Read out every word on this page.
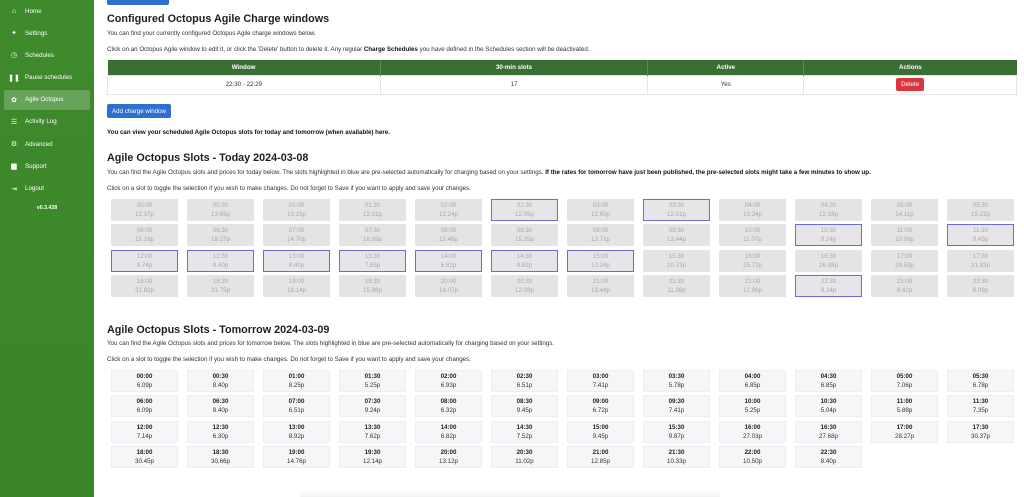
⌂	Home
✦	Settings
◷	Schedules
❚❚ Pause schedules
✿	Agile Octopus
☰	Activity Log
⚙	Advanced
▆	Support
⇥	Logout
v0.3.428
Configured Octopus Agile Charge windows

You can find your currently configured Octopus Agile charge windows below.

Click on an Octopus Agile window to edit it, or click the 'Delete' button to delete it. Any regular Charge Schedules you have defined in the Schedules section will be deactivated.

Window	30-min slots	Active	Actions
22:30 - 22:29	17	Yes	Delete
Add charge window

You can view your scheduled Agile Octopus slots for today and tomorrow (when available) here.

Agile Octopus Slots - Today 2024-03-08

You can find the Agile Octopus slots and prices for today below. The slots highlighted in blue are pre-selected automatically for charging based on your settings. If the rates for tomorrow have just been published, the pre-selected slots might take a few minutes to show up.

Click on a slot to toggle the selection if you wish to make changes. Do not forget to Save if you want to apply and save your changes.

00:00
12.37p
00:30
13.65p
01:00
13.15p
01:30
12.31p
02:00
12.24p
02:30
12.05p
03:00
12.60p
03:30
12.01p
04:00
13.34p
04:30
12.18p
05:00
14.11p
05:30
15.22p
06:00
15.18p
06:30
18.27p
07:00
14.70p
07:30
16.99p
08:00
15.48p
08:30
15.25p
09:00
13.71p
09:30
13.44p
10:00
11.07p
10:30
9.24p
11:00
10.08p
11:30
9.45p
12:00
9.74p
12:30
8.40p
13:00
8.40p
13:30
7.85p
14:00
6.82p
14:30
9.82p
15:00
10.24p
15:30
10.73p
16:00
25.72p
16:30
26.88p
17:00
28.59p
17:30
31.33p
18:00
31.82p
18:30
31.75p
19:00
18.14p
19:30
15.96p
20:00
14.07p
20:30
12.08p
21:00
13.44p
21:30
11.36p
22:00
12.96p
22:30
9.24p
23:00
8.42p
23:30
6.09p
Agile Octopus Slots - Tomorrow 2024-03-09

You can find the Agile Octopus slots and prices for tomorrow below. The slots highlighted in blue are pre-selected automatically for charging based on your settings.

Click on a slot to toggle the selection if you wish to make changes. Do not forget to Save if you want to apply and save your changes.

00:00
6.09p
00:30
8.40p
01:00
8.25p
01:30
5.25p
02:00
6.93p
02:30
6.51p
03:00
7.41p
03:30
5.78p
04:00
6.85p
04:30
6.85p
05:00
7.06p
05:30
6.78p
06:00
6.09p
06:30
8.40p
07:00
6.51p
07:30
9.24p
08:00
6.32p
08:30
9.45p
09:00
6.72p
09:30
7.41p
10:00
5.25p
10:30
5.04p
11:00
5.88p
11:30
7.35p
12:00
7.14p
12:30
6.30p
13:00
8.92p
13:30
7.62p
14:00
6.82p
14:30
7.52p
15:00
9.45p
15:30
9.87p
16:00
27.03p
16:30
27.68p
17:00
28.27p
17:30
30.37p
18:00
30.45p
18:30
30.66p
19:00
14.76p
19:30
12.14p
20:00
13.12p
20:30
11.02p
21:00
12.85p
21:30
10.33p
22:00
10.50p
22:30
8.40p
